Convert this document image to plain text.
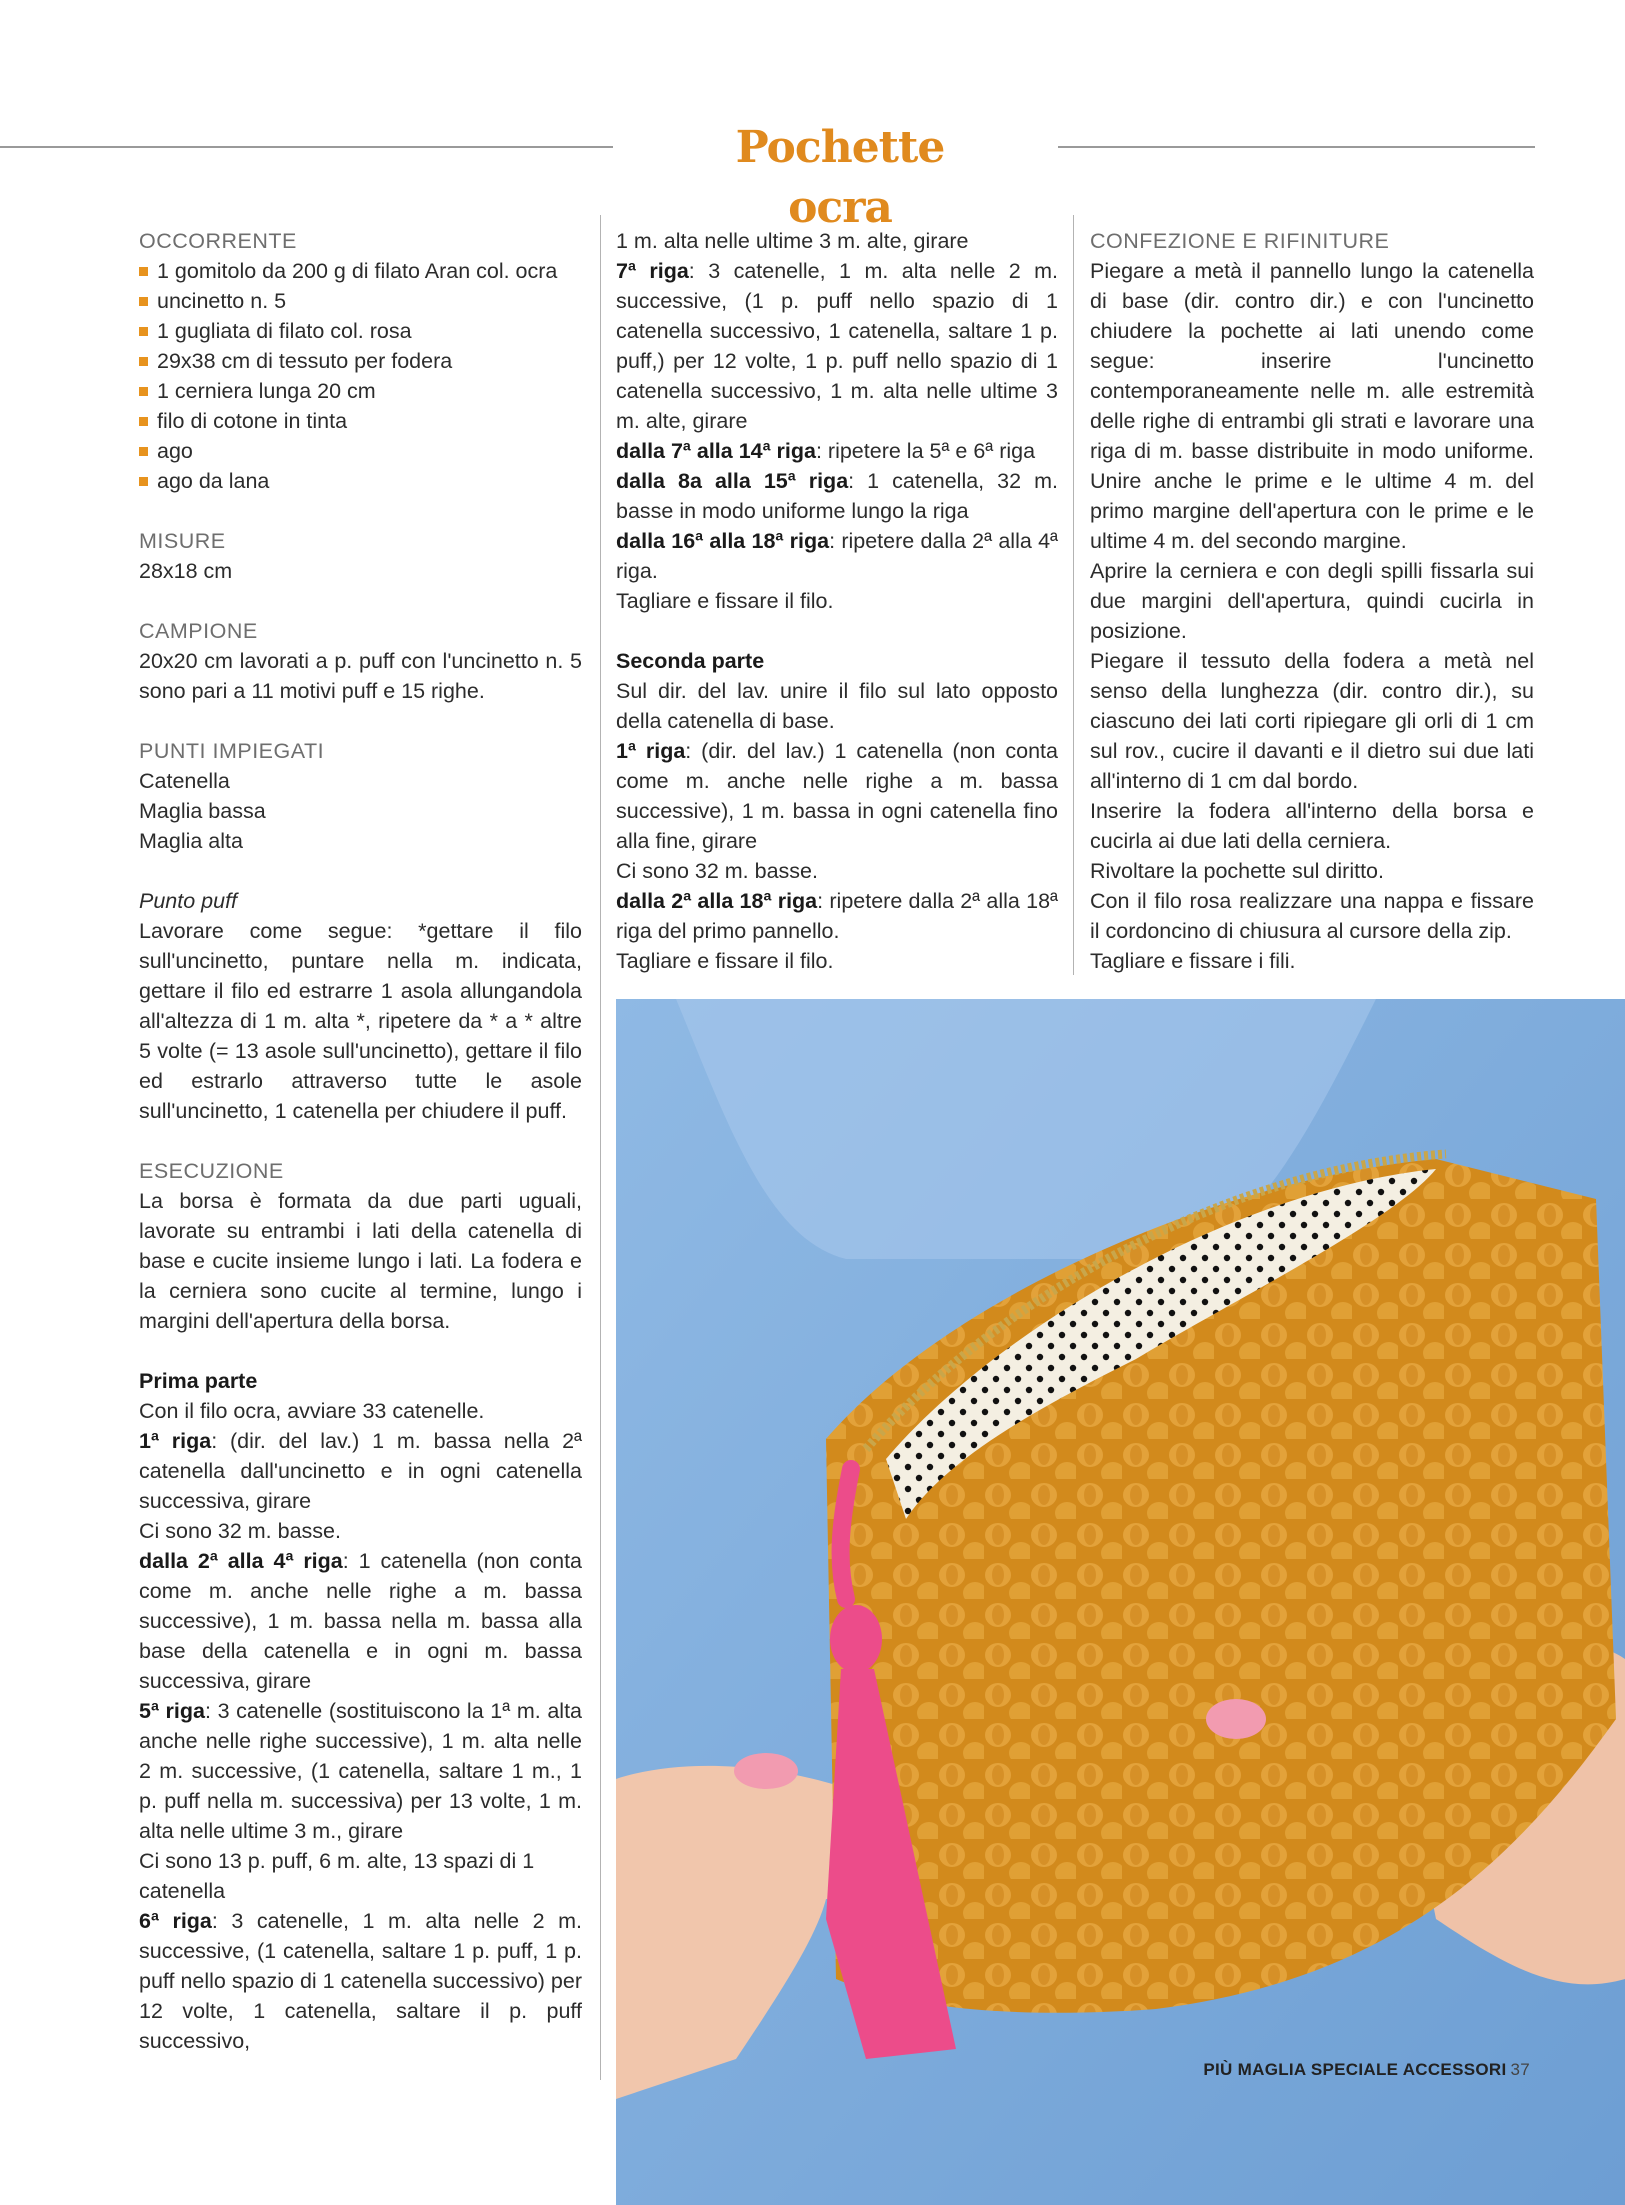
Pochette ocra
OCCORRENTE
1 gomitolo da 200 g di filato Aran col. ocra
uncinetto n. 5
1 gugliata di filato col. rosa
29x38 cm di tessuto per fodera
1 cerniera lunga 20 cm
filo di cotone in tinta
ago
ago da lana
MISURE

28x18 cm

CAMPIONE

20x20 cm lavorati a p. puff con l'uncinetto n. 5 sono pari a 11 motivi puff e 15 righe.

PUNTI IMPIEGATI

Catenella

Maglia bassa

Maglia alta

Punto puff

Lavorare come segue: *gettare il filo sull'uncinetto, puntare nella m. indicata, gettare il filo ed estrarre 1 asola allungandola all'altezza di 1 m. alta *, ripetere da * a * altre 5 volte (= 13 asole sull'uncinetto), gettare il filo ed estrarlo attraverso tutte le asole sull'uncinetto, 1 catenella per chiudere il puff.

ESECUZIONE

La borsa è formata da due parti uguali, lavorate su entrambi i lati della catenella di base e cucite insieme lungo i lati. La fodera e la cerniera sono cucite al termine, lungo i margini dell'apertura della borsa.

Prima parte

Con il filo ocra, avviare 33 catenelle.

1ª riga: (dir. del lav.) 1 m. bassa nella 2ª catenella dall'uncinetto e in ogni catenella successiva, girare

Ci sono 32 m. basse.

dalla 2ª alla 4ª riga: 1 catenella (non conta come m. anche nelle righe a m. bassa successive), 1 m. bassa nella m. bassa alla base della catenella e in ogni m. bassa successiva, girare

5ª riga: 3 catenelle (sostituiscono la 1ª m. alta anche nelle righe successive), 1 m. alta nelle 2 m. successive, (1 catenella, saltare 1 m., 1 p. puff nella m. successiva) per 13 volte, 1 m. alta nelle ultime 3 m., girare

Ci sono 13 p. puff, 6 m. alte, 13 spazi di 1 catenella

6ª riga: 3 catenelle, 1 m. alta nelle 2 m. successive, (1 catenella, saltare 1 p. puff, 1 p. puff nello spazio di 1 catenella successivo) per 12 volte, 1 catenella, saltare il p. puff successivo,

1 m. alta nelle ultime 3 m. alte, girare

7ª riga: 3 catenelle, 1 m. alta nelle 2 m. successive, (1 p. puff nello spazio di 1 catenella successivo, 1 catenella, saltare 1 p. puff,) per 12 volte, 1 p. puff nello spazio di 1 catenella successivo, 1 m. alta nelle ultime 3 m. alte, girare

dalla 7ª alla 14ª riga: ripetere la 5ª e 6ª riga

dalla 8a alla 15ª riga: 1 catenella, 32 m. basse in modo uniforme lungo la riga

dalla 16ª alla 18ª riga: ripetere dalla 2ª alla 4ª riga.

Tagliare e fissare il filo.

Seconda parte

Sul dir. del lav. unire il filo sul lato opposto della catenella di base.

1ª riga: (dir. del lav.) 1 catenella (non conta come m. anche nelle righe a m. bassa successive), 1 m. bassa in ogni catenella fino alla fine, girare

Ci sono 32 m. basse.

dalla 2ª alla 18ª riga: ripetere dalla 2ª alla 18ª riga del primo pannello.

Tagliare e fissare il filo.

CONFEZIONE E RIFINITURE

Piegare a metà il pannello lungo la catenella di base (dir. contro dir.) e con l'uncinetto chiudere la pochette ai lati unendo come segue: inserire l'uncinetto contemporaneamente nelle m. alle estremità delle righe di entrambi gli strati e lavorare una riga di m. basse distribuite in modo uniforme. Unire anche le prime e le ultime 4 m. del primo margine dell'apertura con le prime e le ultime 4 m. del secondo margine.

Aprire la cerniera e con degli spilli fissarla sui due margini dell'apertura, quindi cucirla in posizione.

Piegare il tessuto della fodera a metà nel senso della lunghezza (dir. contro dir.), su ciascuno dei lati corti ripiegare gli orli di 1 cm sul rov., cucire il davanti e il dietro sui due lati all'interno di 1 cm dal bordo.

Inserire la fodera all'interno della borsa e cucirla ai due lati della cerniera.

Rivoltare la pochette sul diritto.

Con il filo rosa realizzare una nappa e fissare il cordoncino di chiusura al cursore della zip.

Tagliare e fissare i fili.

PIÙ MAGLIA SPECIALE ACCESSORI 37
